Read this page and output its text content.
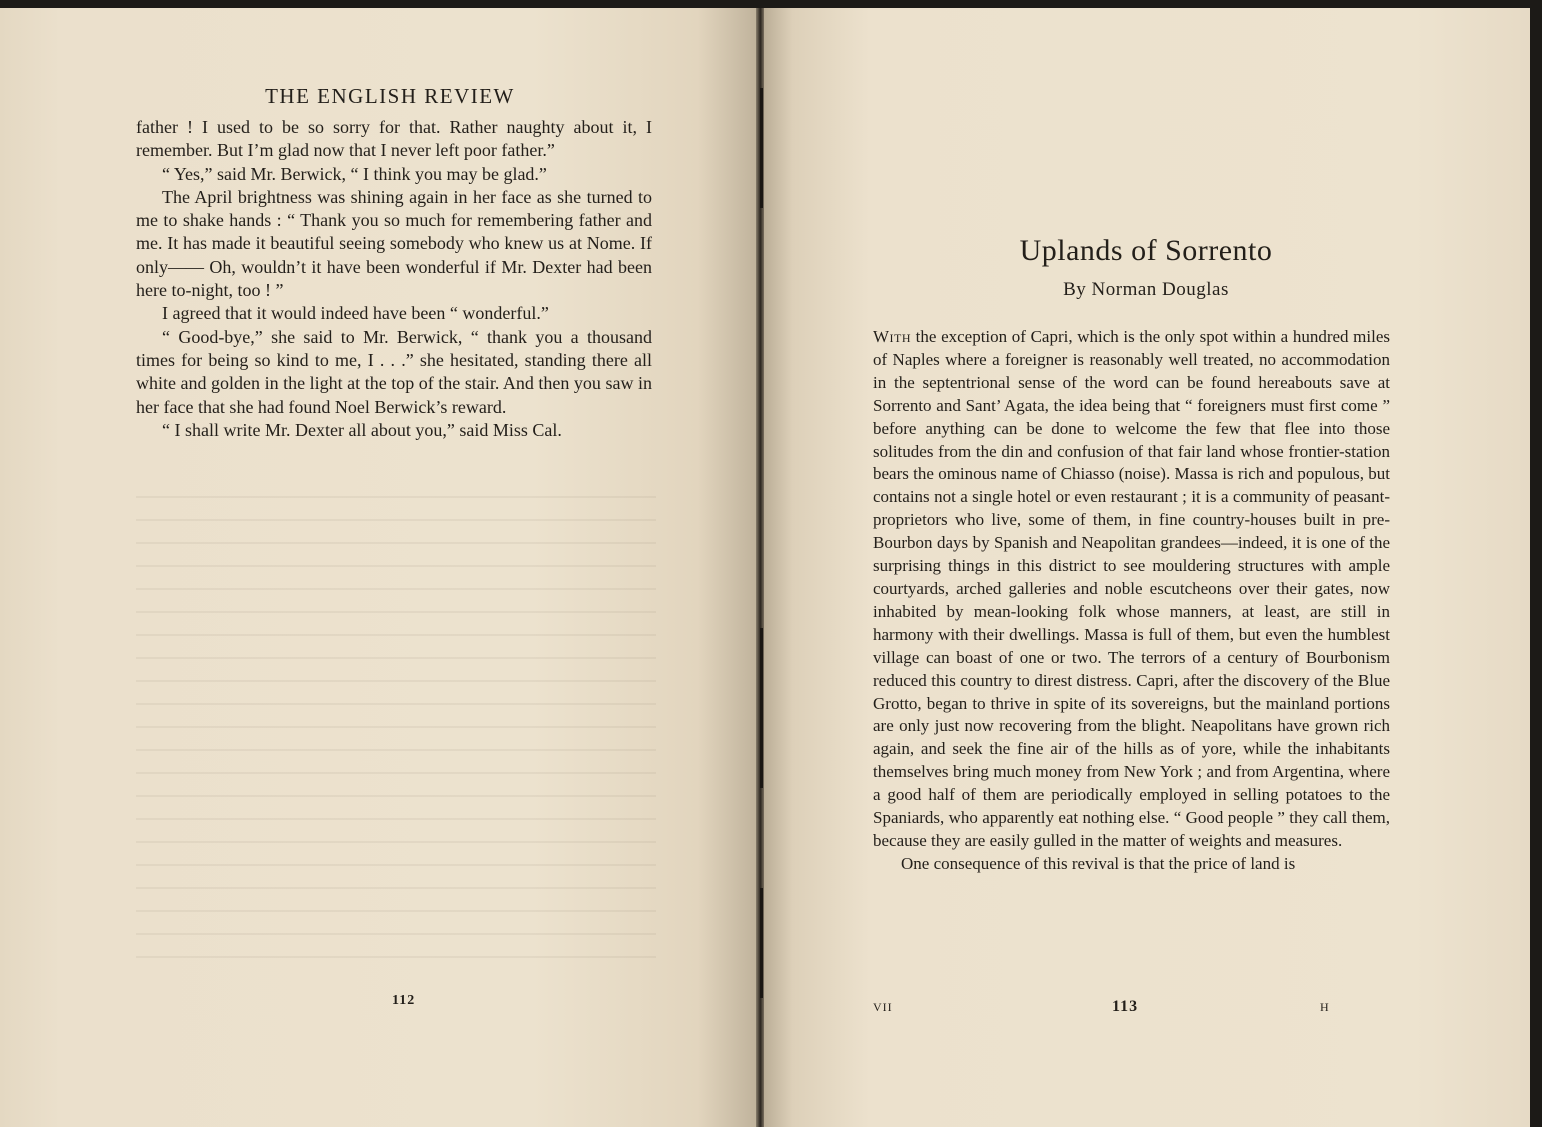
THE ENGLISH REVIEW

father ! I used to be so sorry for that. Rather naughty about it, I remember. But I’m glad now that I never left poor father.”

“ Yes,” said Mr. Berwick, “ I think you may be glad.”

The April brightness was shining again in her face as she turned to me to shake hands : “ Thank you so much for remembering father and me. It has made it beautiful seeing somebody who knew us at Nome. If only—— Oh, wouldn’t it have been wonderful if Mr. Dexter had been here to-night, too ! ”

I agreed that it would indeed have been “ wonderful.”

“ Good-bye,” she said to Mr. Berwick, “ thank you a thousand times for being so kind to me, I . . .” she hesitated, standing there all white and golden in the light at the top of the stair. And then you saw in her face that she had found Noel Berwick’s reward.

“ I shall write Mr. Dexter all about you,” said Miss Cal.

112
Uplands of Sorrento
By Norman Douglas

With the exception of Capri, which is the only spot within a hundred miles of Naples where a foreigner is reasonably well treated, no accommodation in the septentrional sense of the word can be found hereabouts save at Sorrento and Sant’ Agata, the idea being that “ foreigners must first come ” before anything can be done to welcome the few that flee into those solitudes from the din and confusion of that fair land whose frontier-station bears the ominous name of Chiasso (noise). Massa is rich and populous, but contains not a single hotel or even restaurant ; it is a community of peasant-proprietors who live, some of them, in fine country-houses built in pre-Bourbon days by Spanish and Neapolitan grandees—indeed, it is one of the surprising things in this district to see mouldering structures with ample courtyards, arched galleries and noble escutcheons over their gates, now inhabited by mean-looking folk whose manners, at least, are still in harmony with their dwellings. Massa is full of them, but even the humblest village can boast of one or two. The terrors of a century of Bourbonism reduced this country to direst distress. Capri, after the discovery of the Blue Grotto, began to thrive in spite of its sovereigns, but the mainland portions are only just now recovering from the blight. Neapolitans have grown rich again, and seek the fine air of the hills as of yore, while the inhabitants themselves bring much money from New York ; and from Argentina, where a good half of them are periodically employed in selling potatoes to the Spaniards, who apparently eat nothing else. “ Good people ” they call them, because they are easily gulled in the matter of weights and measures.

One consequence of this revival is that the price of land is

VII	113	H
